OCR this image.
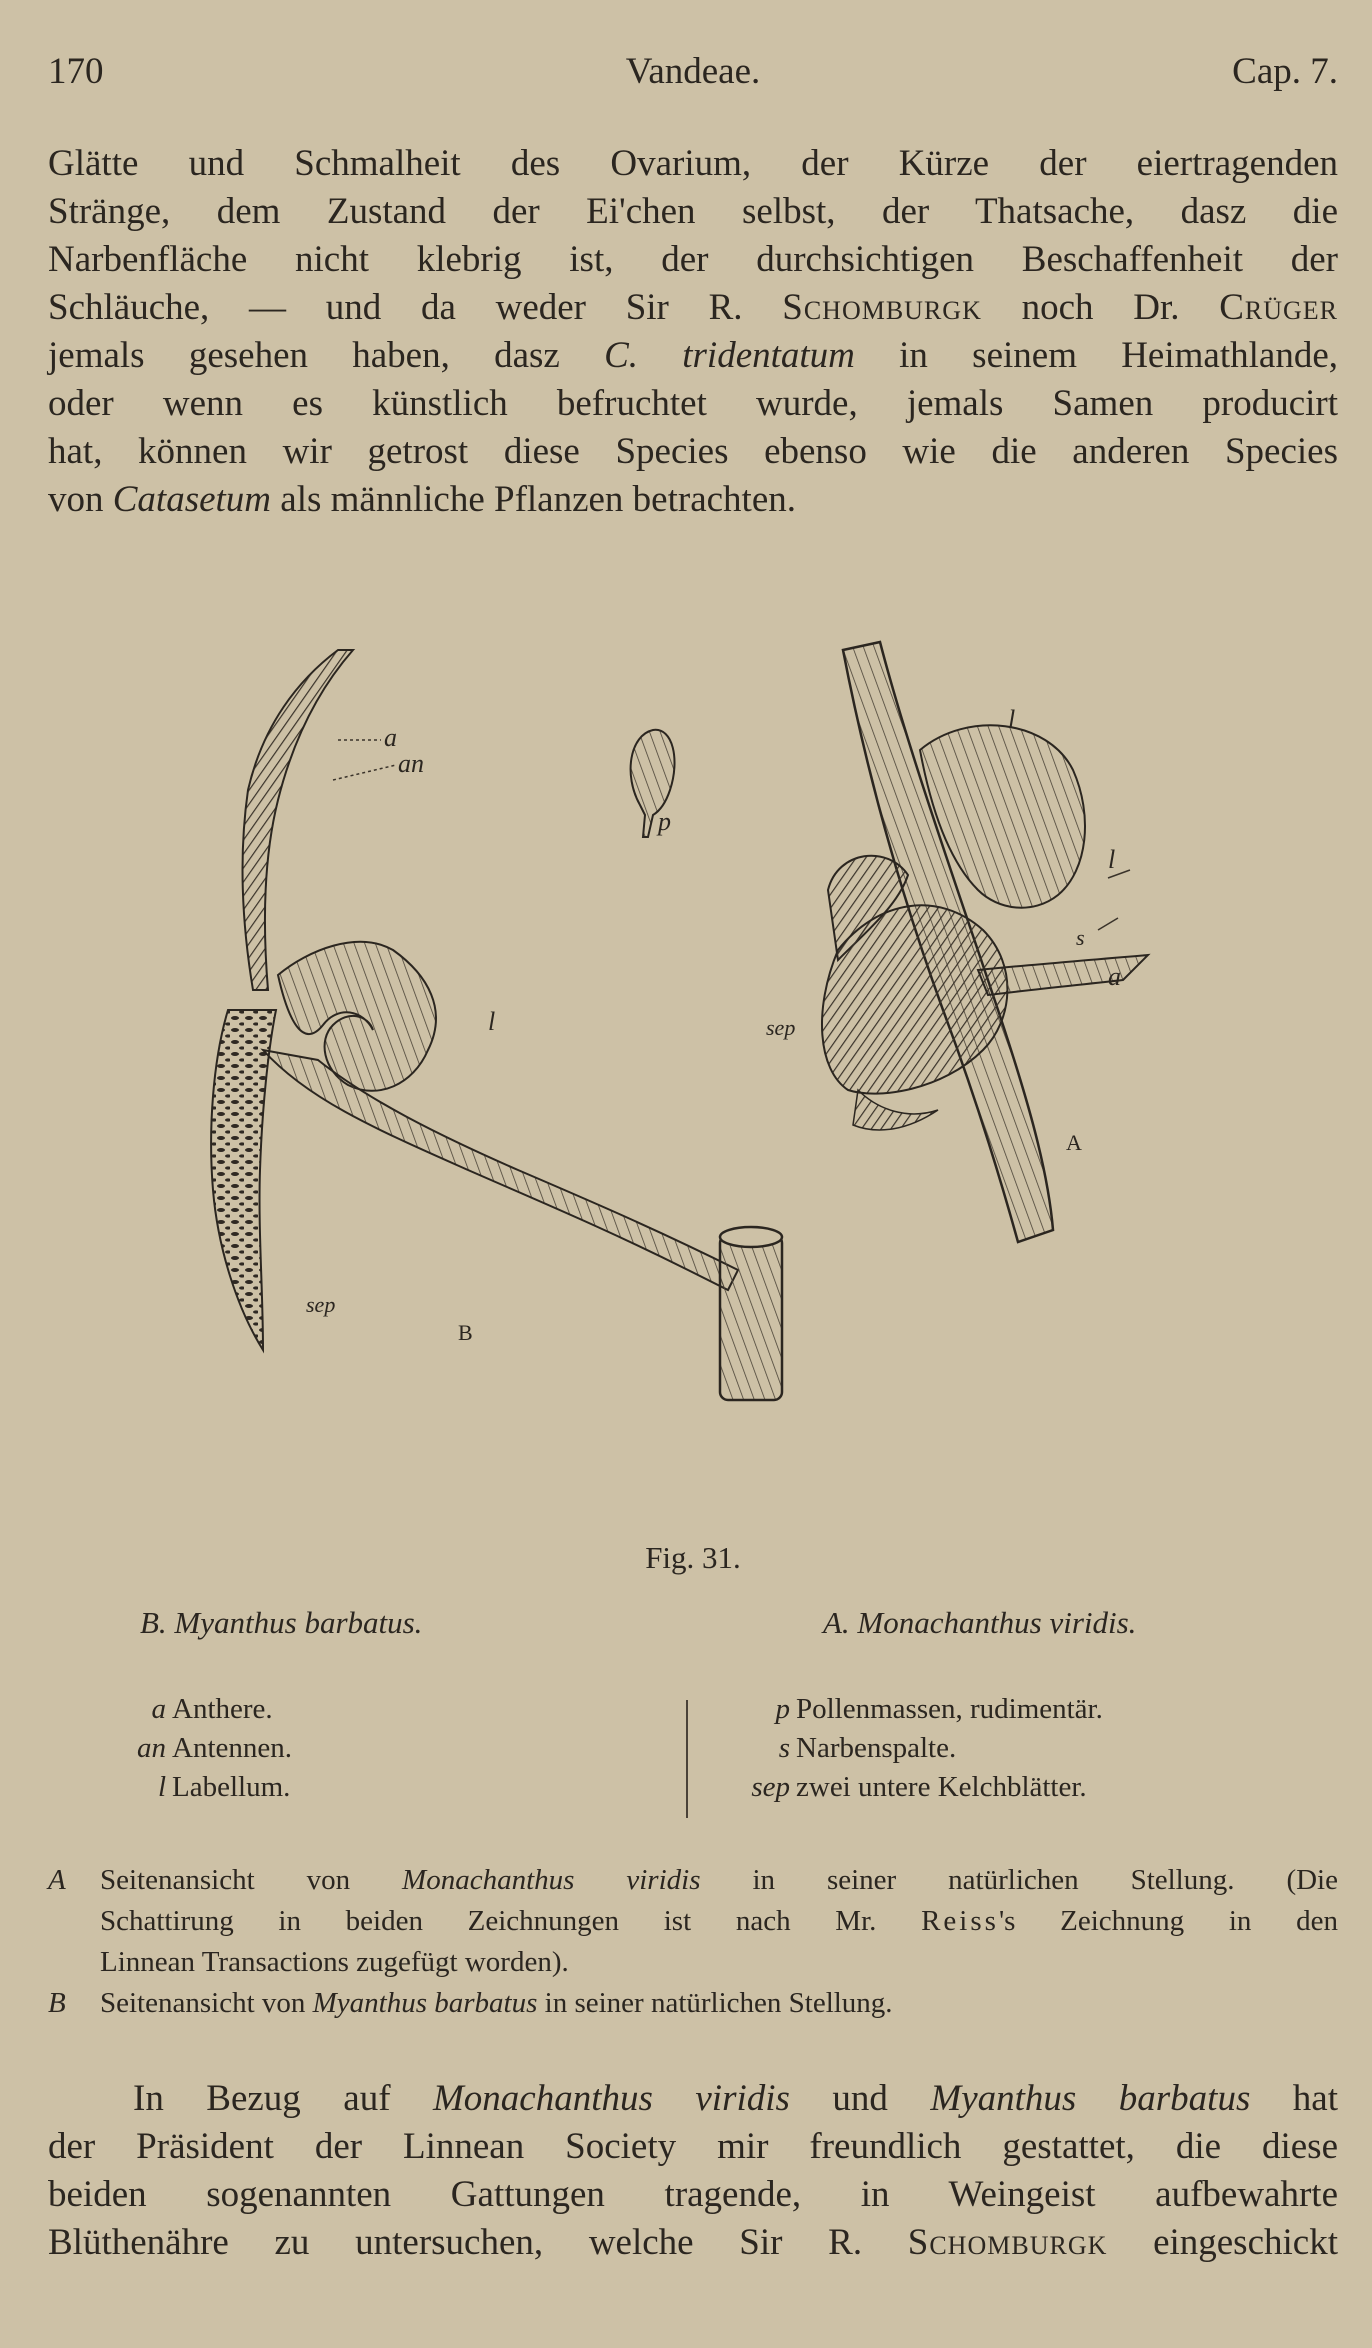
170	Vandeae.	Cap. 7.
Glätte und Schmalheit des Ovarium, der Kürze der eiertragenden
Stränge, dem Zustand der Ei'chen selbst, der Thatsache, dasz die
Narbenfläche nicht klebrig ist, der durchsichtigen Beschaffenheit der
Schläuche, — und da weder Sir R. Schomburgk noch Dr. Crüger
jemals gesehen haben, dasz C. tridentatum in seinem Heimathlande,
oder wenn es künstlich befruchtet wurde, jemals Samen producirt
hat, können wir getrost diese Species ebenso wie die anderen Species
von Catasetum als männliche Pflanzen betrachten.
a
an
l
sep
p
l
l
s
a
sep
B
A
Fig. 31.
B. Myanthus barbatus.	A. Monachanthus viridis.
a Anthere.
an Antennen.
l Labellum.
p Pollenmassen, rudimentär.
s Narbenspalte.
sep zwei untere Kelchblätter.
A Seitenansicht von Monachanthus viridis in seiner natürlichen Stellung. (Die
Schattirung in beiden Zeichnungen ist nach Mr. Reiss's Zeichnung in den
Linnean Transactions zugefügt worden).
B Seitenansicht von Myanthus barbatus in seiner natürlichen Stellung.
In Bezug auf Monachanthus viridis und Myanthus barbatus hat
der Präsident der Linnean Society mir freundlich gestattet, die diese
beiden sogenannten Gattungen tragende, in Weingeist aufbewahrte
Blüthenähre zu untersuchen, welche Sir R. Schomburgk eingeschickt
